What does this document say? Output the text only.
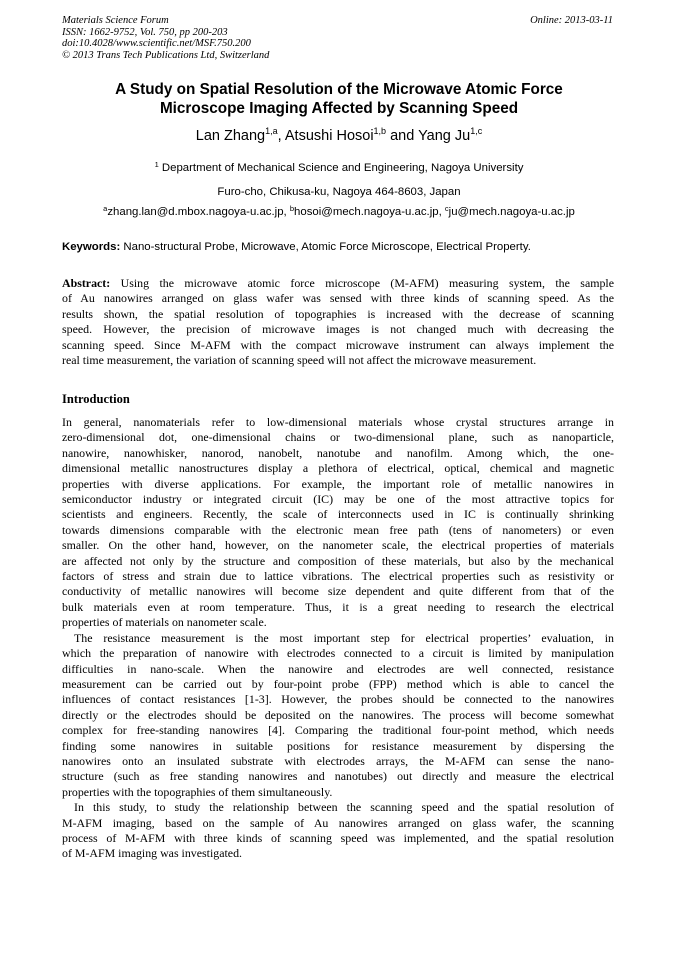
Materials Science Forum
ISSN: 1662-9752, Vol. 750, pp 200-203
doi:10.4028/www.scientific.net/MSF.750.200
© 2013 Trans Tech Publications Ltd, Switzerland
Online: 2013-03-11
A Study on Spatial Resolution of the Microwave Atomic Force
Microscope Imaging Affected by Scanning Speed
Lan Zhang$^{1,a}$, Atsushi Hosoi$^{1,b}$ and Yang Ju$^{1,c}$
$^1$ Department of Mechanical Science and Engineering, Nagoya University
Furo-cho, Chikusa-ku, Nagoya 464-8603, Japan
$^a$zhang.lan@d.mbox.nagoya-u.ac.jp, $^b$hosoi@mech.nagoya-u.ac.jp, $^c$ju@mech.nagoya-u.ac.jp
Keywords: Nano-structural Probe, Microwave, Atomic Force Microscope, Electrical Property.
Abstract: Using the microwave atomic force microscope (M-AFM) measuring system, the sample
of Au nanowires arranged on glass wafer was sensed with three kinds of scanning speed. As the
results shown, the spatial resolution of topographies is increased with the decrease of scanning
speed. However, the precision of microwave images is not changed much with decreasing the
scanning speed. Since M-AFM with the compact microwave instrument can always implement the
real time measurement, the variation of scanning speed will not affect the microwave measurement.
Introduction
In general, nanomaterials refer to low-dimensional materials whose crystal structures arrange in
zero-dimensional dot, one-dimensional chains or two-dimensional plane, such as nanoparticle,
nanowire, nanowhisker, nanorod, nanobelt, nanotube and nanofilm. Among which, the one-
dimensional metallic nanostructures display a plethora of electrical, optical, chemical and magnetic
properties with diverse applications. For example, the important role of metallic nanowires in
semiconductor industry or integrated circuit (IC) may be one of the most attractive topics for
scientists and engineers. Recently, the scale of interconnects used in IC is continually shrinking
towards dimensions comparable with the electronic mean free path (tens of nanometers) or even
smaller. On the other hand, however, on the nanometer scale, the electrical properties of materials
are affected not only by the structure and composition of these materials, but also by the mechanical
factors of stress and strain due to lattice vibrations. The electrical properties such as resistivity or
conductivity of metallic nanowires will become size dependent and quite different from that of the
bulk materials even at room temperature. Thus, it is a great needing to research the electrical
properties of materials on nanometer scale.
The resistance measurement is the most important step for electrical properties’ evaluation, in
which the preparation of nanowire with electrodes connected to a circuit is limited by manipulation
difficulties in nano-scale. When the nanowire and electrodes are well connected, resistance
measurement can be carried out by four-point probe (FPP) method which is able to cancel the
influences of contact resistances [1-3]. However, the probes should be connected to the nanowires
directly or the electrodes should be deposited on the nanowires. The process will become somewhat
complex for free-standing nanowires [4]. Comparing the traditional four-point method, which needs
finding some nanowires in suitable positions for resistance measurement by dispersing the
nanowires onto an insulated substrate with electrodes arrays, the M-AFM can sense the nano-
structure (such as free standing nanowires and nanotubes) out directly and measure the electrical
properties with the topographies of them simultaneously.
In this study, to study the relationship between the scanning speed and the spatial resolution of
M-AFM imaging, based on the sample of Au nanowires arranged on glass wafer, the scanning
process of M-AFM with three kinds of scanning speed was implemented, and the spatial resolution
of M-AFM imaging was investigated.
